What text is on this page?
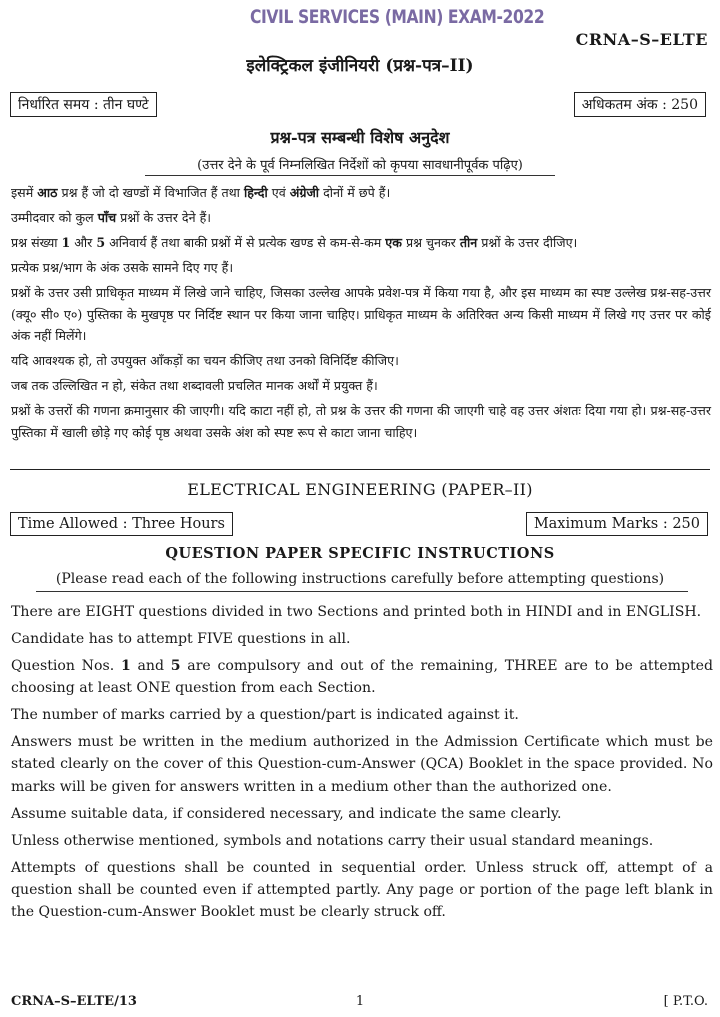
CIVIL SERVICES (MAIN) EXAM-2022
CRNA–S–ELTE
इलेक्ट्रिकल इंजीनियरी (प्रश्न-पत्र–II)
निर्धारित समय : तीन घण्टे	अधिकतम अंक : 250
प्रश्न-पत्र सम्बन्धी विशेष अनुदेश
(उत्तर देने के पूर्व निम्नलिखित निर्देशों को कृपया सावधानीपूर्वक पढ़िए)

इसमें आठ प्रश्न हैं जो दो खण्डों में विभाजित हैं तथा हिन्दी एवं अंग्रेजी दोनों में छपे हैं।

उम्मीदवार को कुल पाँच प्रश्नों के उत्तर देने हैं।

प्रश्न संख्या 1 और 5 अनिवार्य हैं तथा बाकी प्रश्नों में से प्रत्येक खण्ड से कम-से-कम एक प्रश्न चुनकर तीन प्रश्नों के उत्तर दीजिए।

प्रत्येक प्रश्न/भाग के अंक उसके सामने दिए गए हैं।

प्रश्नों के उत्तर उसी प्राधिकृत माध्यम में लिखे जाने चाहिए, जिसका उल्लेख आपके प्रवेश-पत्र में किया गया है, और इस माध्यम का स्पष्ट उल्लेख प्रश्न-सह-उत्तर (क्यू० सी० ए०) पुस्तिका के मुखपृष्ठ पर निर्दिष्ट स्थान पर किया जाना चाहिए। प्राधिकृत माध्यम के अतिरिक्त अन्य किसी माध्यम में लिखे गए उत्तर पर कोई अंक नहीं मिलेंगे।

यदि आवश्यक हो, तो उपयुक्त आँकड़ों का चयन कीजिए तथा उनको विनिर्दिष्ट कीजिए।

जब तक उल्लिखित न हो, संकेत तथा शब्दावली प्रचलित मानक अर्थों में प्रयुक्त हैं।

प्रश्नों के उत्तरों की गणना क्रमानुसार की जाएगी। यदि काटा नहीं हो, तो प्रश्न के उत्तर की गणना की जाएगी चाहे वह उत्तर अंशतः दिया गया हो। प्रश्न-सह-उत्तर पुस्तिका में खाली छोड़े गए कोई पृष्ठ अथवा उसके अंश को स्पष्ट रूप से काटा जाना चाहिए।

ELECTRICAL ENGINEERING (PAPER–II)
Time Allowed : Three Hours	Maximum Marks : 250
QUESTION PAPER SPECIFIC INSTRUCTIONS
(Please read each of the following instructions carefully before attempting questions)

There are EIGHT questions divided in two Sections and printed both in HINDI and in ENGLISH.

Candidate has to attempt FIVE questions in all.

Question Nos. 1 and 5 are compulsory and out of the remaining, THREE are to be attempted choosing at least ONE question from each Section.

The number of marks carried by a question/part is indicated against it.

Answers must be written in the medium authorized in the Admission Certificate which must be stated clearly on the cover of this Question-cum-Answer (QCA) Booklet in the space provided. No marks will be given for answers written in a medium other than the authorized one.

Assume suitable data, if considered necessary, and indicate the same clearly.

Unless otherwise mentioned, symbols and notations carry their usual standard meanings.

Attempts of questions shall be counted in sequential order. Unless struck off, attempt of a question shall be counted even if attempted partly. Any page or portion of the page left blank in the Question-cum-Answer Booklet must be clearly struck off.

CRNA–S–ELTE/13	1	[ P.T.O.
